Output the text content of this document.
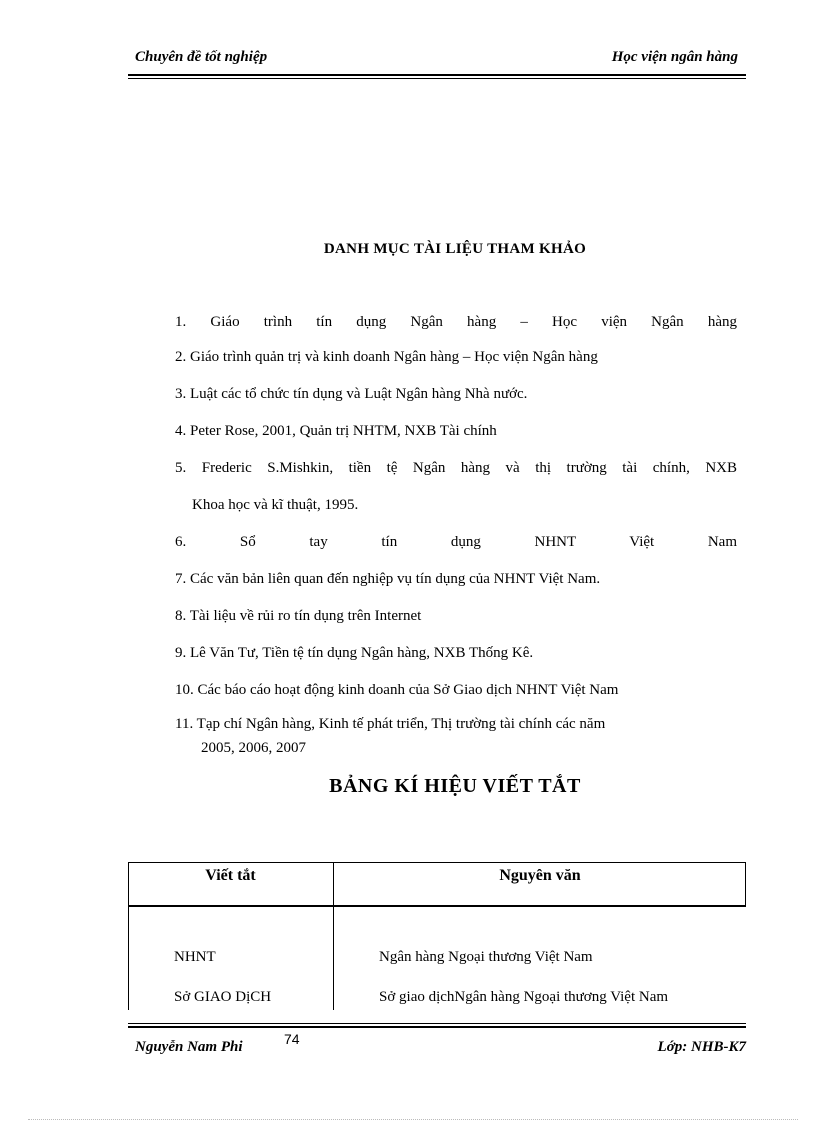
Chuyên đề tốt nghiệp	Học viện ngân hàng
DANH MỤC TÀI LIỆU THAM KHẢO

1. Giáo trình tín dụng Ngân hàng – Học viện Ngân hàng

2. Giáo trình quản trị và kinh doanh Ngân hàng – Học viện Ngân hàng

3. Luật các tổ chức tín dụng và Luật Ngân hàng Nhà nước.

4. Peter Rose, 2001, Quản trị NHTM, NXB Tài chính

5. Frederic S.Mishkin, tiền tệ Ngân hàng và thị trường tài chính, NXB

Khoa học và kĩ thuật, 1995.

6. Sổ tay tín dụng NHNT Việt Nam

7. Các văn bản liên quan đến nghiệp vụ tín dụng của NHNT Việt Nam.

8. Tài liệu về rủi ro tín dụng trên Internet

9. Lê Văn Tư, Tiền tệ tín dụng Ngân hàng, NXB Thống Kê.

10. Các báo cáo hoạt động kinh doanh của Sở Giao dịch NHNT Việt Nam

11. Tạp chí Ngân hàng, Kinh tế phát triển, Thị trường tài chính các năm

2005, 2006, 2007

BẢNG KÍ HIỆU VIẾT TẮT
Viết tắt	Nguyên văn
NHNT	Ngân hàng Ngoại thương Việt Nam
Sở GIAO DịCH	Sở giao dịchNgân hàng Ngoại thương Việt Nam
Nguyễn Nam Phi	74	Lớp: NHB-K7
